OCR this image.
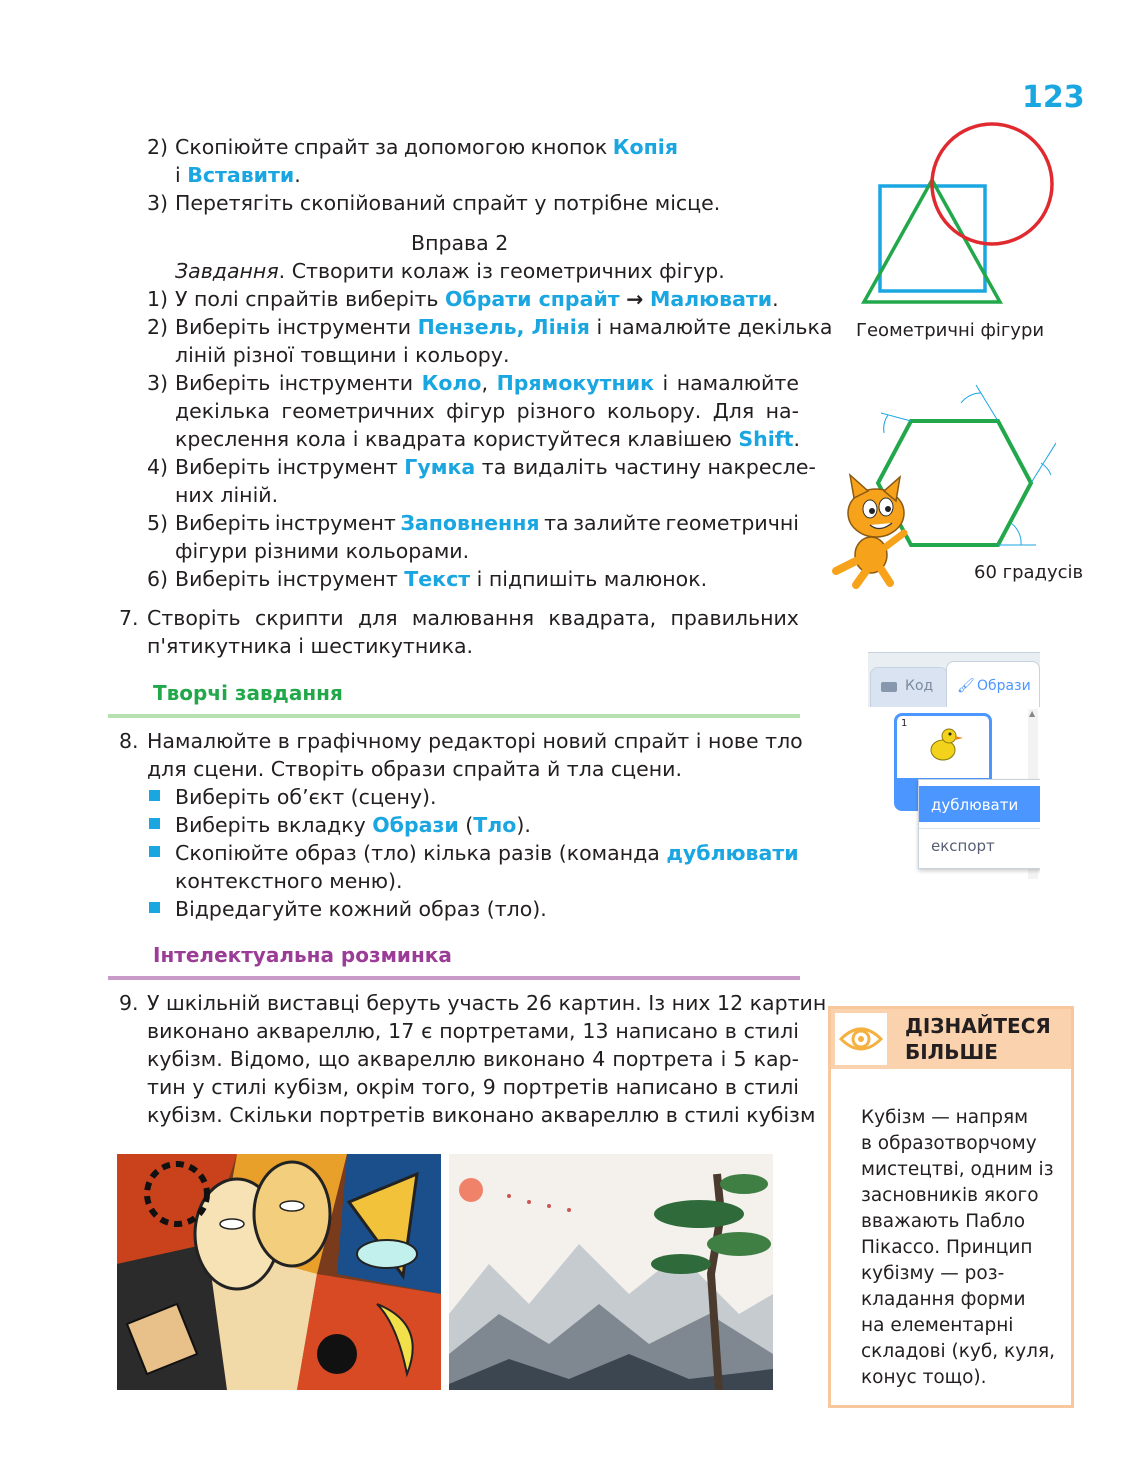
123
2) Скопіюйте спрайт за допомогою кнопок Копія
і Вставити.
3) Перетягіть скопійований спрайт у потрібне місце.
Вправа 2
Завдання. Створити колаж із геометричних фігур.
1) У полі спрайтів виберіть Обрати спрайт → Малювати.
2) Виберіть інструменти Пензель, Лінія і намалюйте декілька
ліній різної товщини і кольору.
3) Виберіть інструменти Коло, Прямокутник і намалюйте
декілька геометричних фігур різного кольору. Для на-
креслення кола і квадрата користуйтеся клавішею Shift.
4) Виберіть інструмент Гумка та видаліть частину накресле-
них ліній.
5) Виберіть інструмент Заповнення та залийте геометричні
фігури різними кольорами.
6) Виберіть інструмент Текст і підпишіть малюнок.
7. Створіть скрипти для малювання квадрата, правильних
п'ятикутника і шестикутника.
Творчі завдання
8. Намалюйте в графічному редакторі новий спрайт і нове тло
для сцени. Створіть образи спрайта й тла сцени.
Виберіть об’єкт (сцену).
Виберіть вкладку Образи (Тло).
Скопіюйте образ (тло) кілька разів (команда дублювати
контекстного меню).
Відредагуйте кожний образ (тло).
Інтелектуальна розминка
9. У шкільній виставці беруть участь 26 картин. Із них 12 картин
виконано аквареллю, 17 є портретами, 13 написано в стилі
кубізм. Відомо, що аквареллю виконано 4 портрета і 5 кар-
тин у стилі кубізм, окрім того, 9 портретів написано в стилі
кубізм. Скільки портретів виконано аквареллю в стилі кубізм
Геометричні фігури
60 градусів
Код 🖌 Образи
1
▲
дублювати
експорт
ДІЗНАЙТЕСЯ
БІЛЬШЕ
Кубізм — напрям
в образотворчому
мистецтві, одним із
засновників якого
вважають Пабло
Пікассо. Принцип
кубізму — роз-
кладання форми
на елементарні
складові (куб, куля,
конус тощо).
